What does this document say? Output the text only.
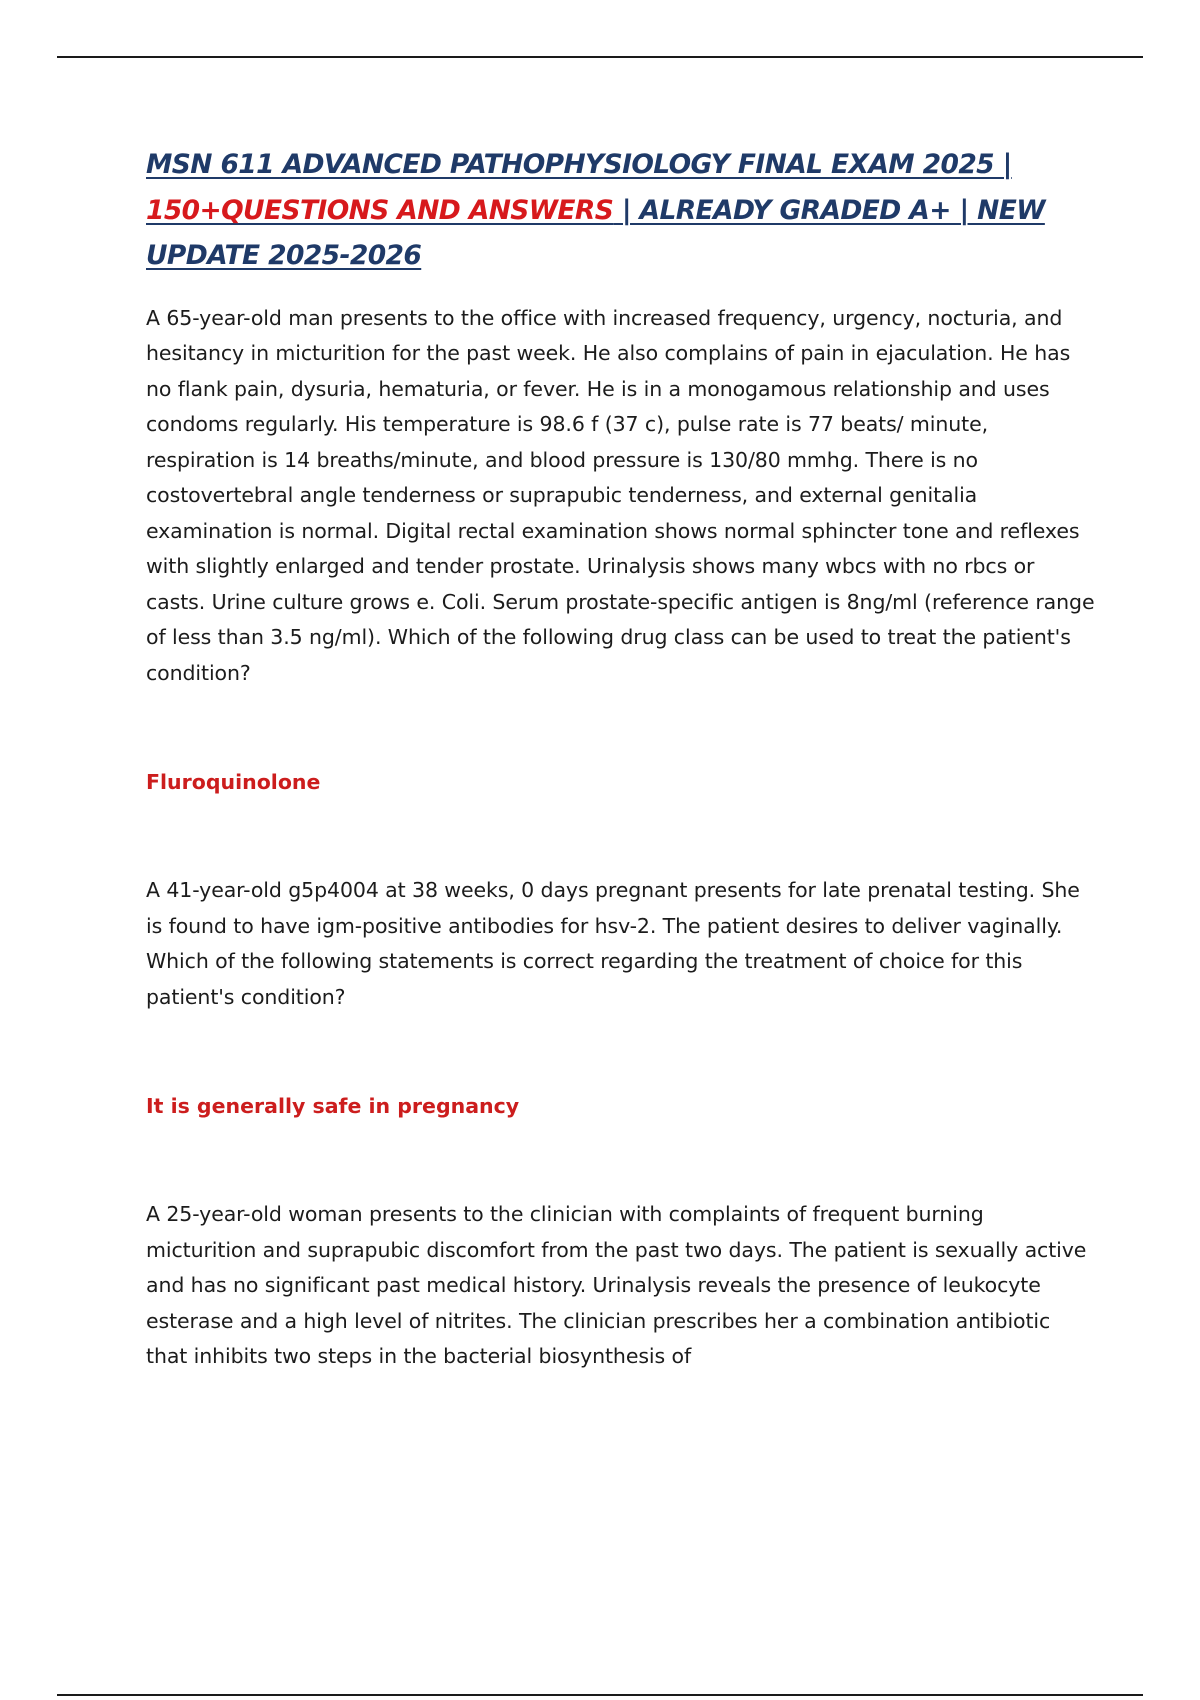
MSN 611 ADVANCED PATHOPHYSIOLOGY FINAL EXAM 2025 | 150+QUESTIONS AND ANSWERS | ALREADY GRADED A+ | NEW UPDATE 2025-2026

A 65-year-old man presents to the office with increased frequency, urgency, nocturia, and hesitancy in micturition for the past week. He also complains of pain in ejaculation. He has no flank pain, dysuria, hematuria, or fever. He is in a monogamous relationship and uses condoms regularly. His temperature is 98.6 f (37 c), pulse rate is 77 beats/ minute, respiration is 14 breaths/minute, and blood pressure is 130/80 mmhg. There is no costovertebral angle tenderness or suprapubic tenderness, and external genitalia examination is normal. Digital rectal examination shows normal sphincter tone and reflexes with slightly enlarged and tender prostate. Urinalysis shows many wbcs with no rbcs or casts. Urine culture grows e. Coli. Serum prostate-specific antigen is 8ng/ml (reference range of less than 3.5 ng/ml). Which of the following drug class can be used to treat the patient's condition?

Fluroquinolone

A 41-year-old g5p4004 at 38 weeks, 0 days pregnant presents for late prenatal testing. She is found to have igm-positive antibodies for hsv-2. The patient desires to deliver vaginally. Which of the following statements is correct regarding the treatment of choice for this patient's condition?

It is generally safe in pregnancy

A 25-year-old woman presents to the clinician with complaints of frequent burning micturition and suprapubic discomfort from the past two days. The patient is sexually active and has no significant past medical history. Urinalysis reveals the presence of leukocyte esterase and a high level of nitrites. The clinician prescribes her a combination antibiotic that inhibits two steps in the bacterial biosynthesis of
